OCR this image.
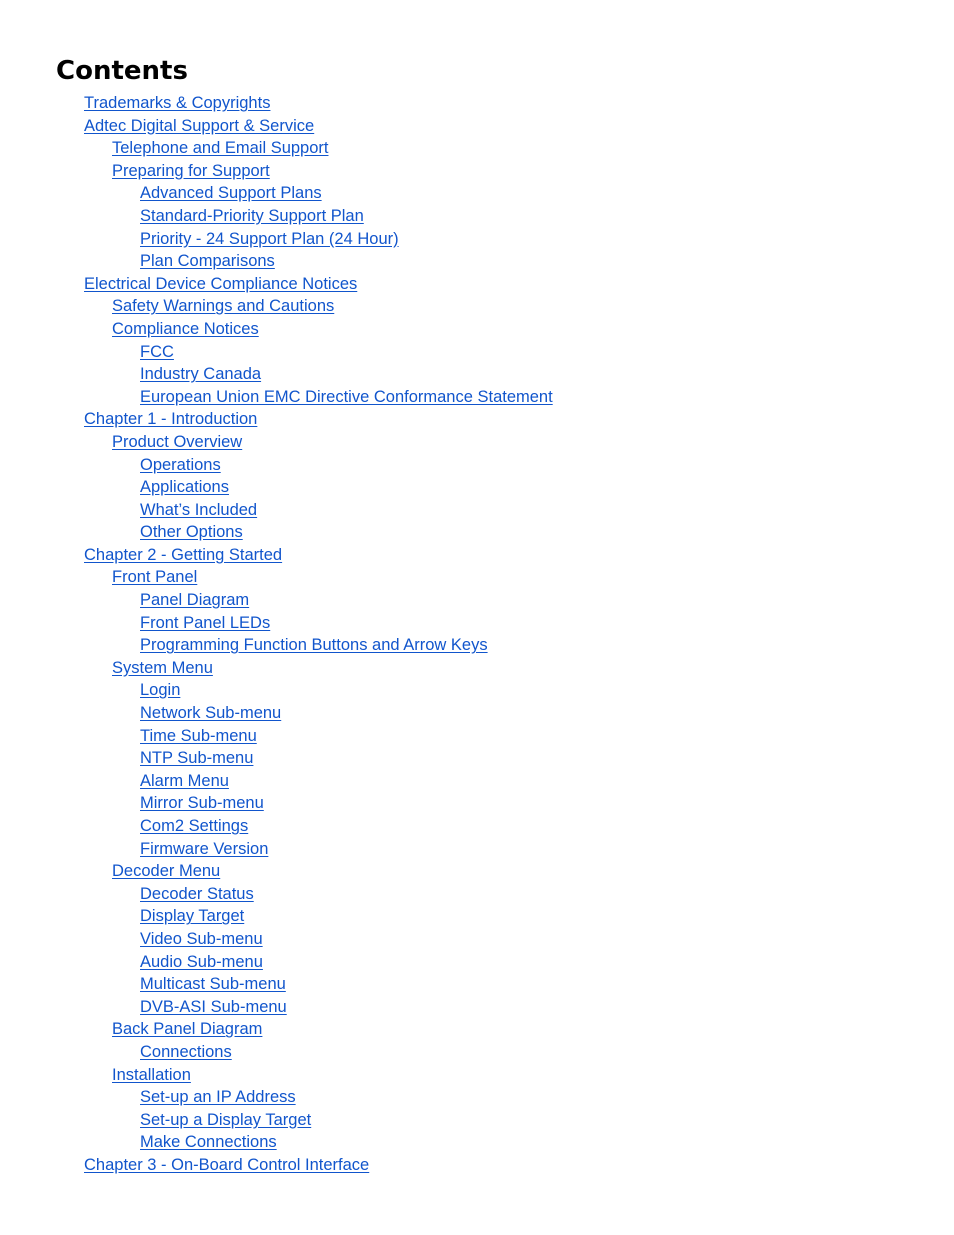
Contents
Trademarks & Copyrights
Adtec Digital Support & Service
Telephone and Email Support
Preparing for Support
Advanced Support Plans
Standard-Priority Support Plan
Priority - 24 Support Plan (24 Hour)
Plan Comparisons
Electrical Device Compliance Notices
Safety Warnings and Cautions
Compliance Notices
FCC
Industry Canada
European Union EMC Directive Conformance Statement
Chapter 1 - Introduction
Product Overview
Operations
Applications
What’s Included
Other Options
Chapter 2 - Getting Started
Front Panel
Panel Diagram
Front Panel LEDs
Programming Function Buttons and Arrow Keys
System Menu
Login
Network Sub-menu
Time Sub-menu
NTP Sub-menu
Alarm Menu
Mirror Sub-menu
Com2 Settings
Firmware Version
Decoder Menu
Decoder Status
Display Target
Video Sub-menu
Audio Sub-menu
Multicast Sub-menu
DVB-ASI Sub-menu
Back Panel Diagram
Connections
Installation
Set-up an IP Address
Set-up a Display Target
Make Connections
Chapter 3 - On-Board Control Interface
